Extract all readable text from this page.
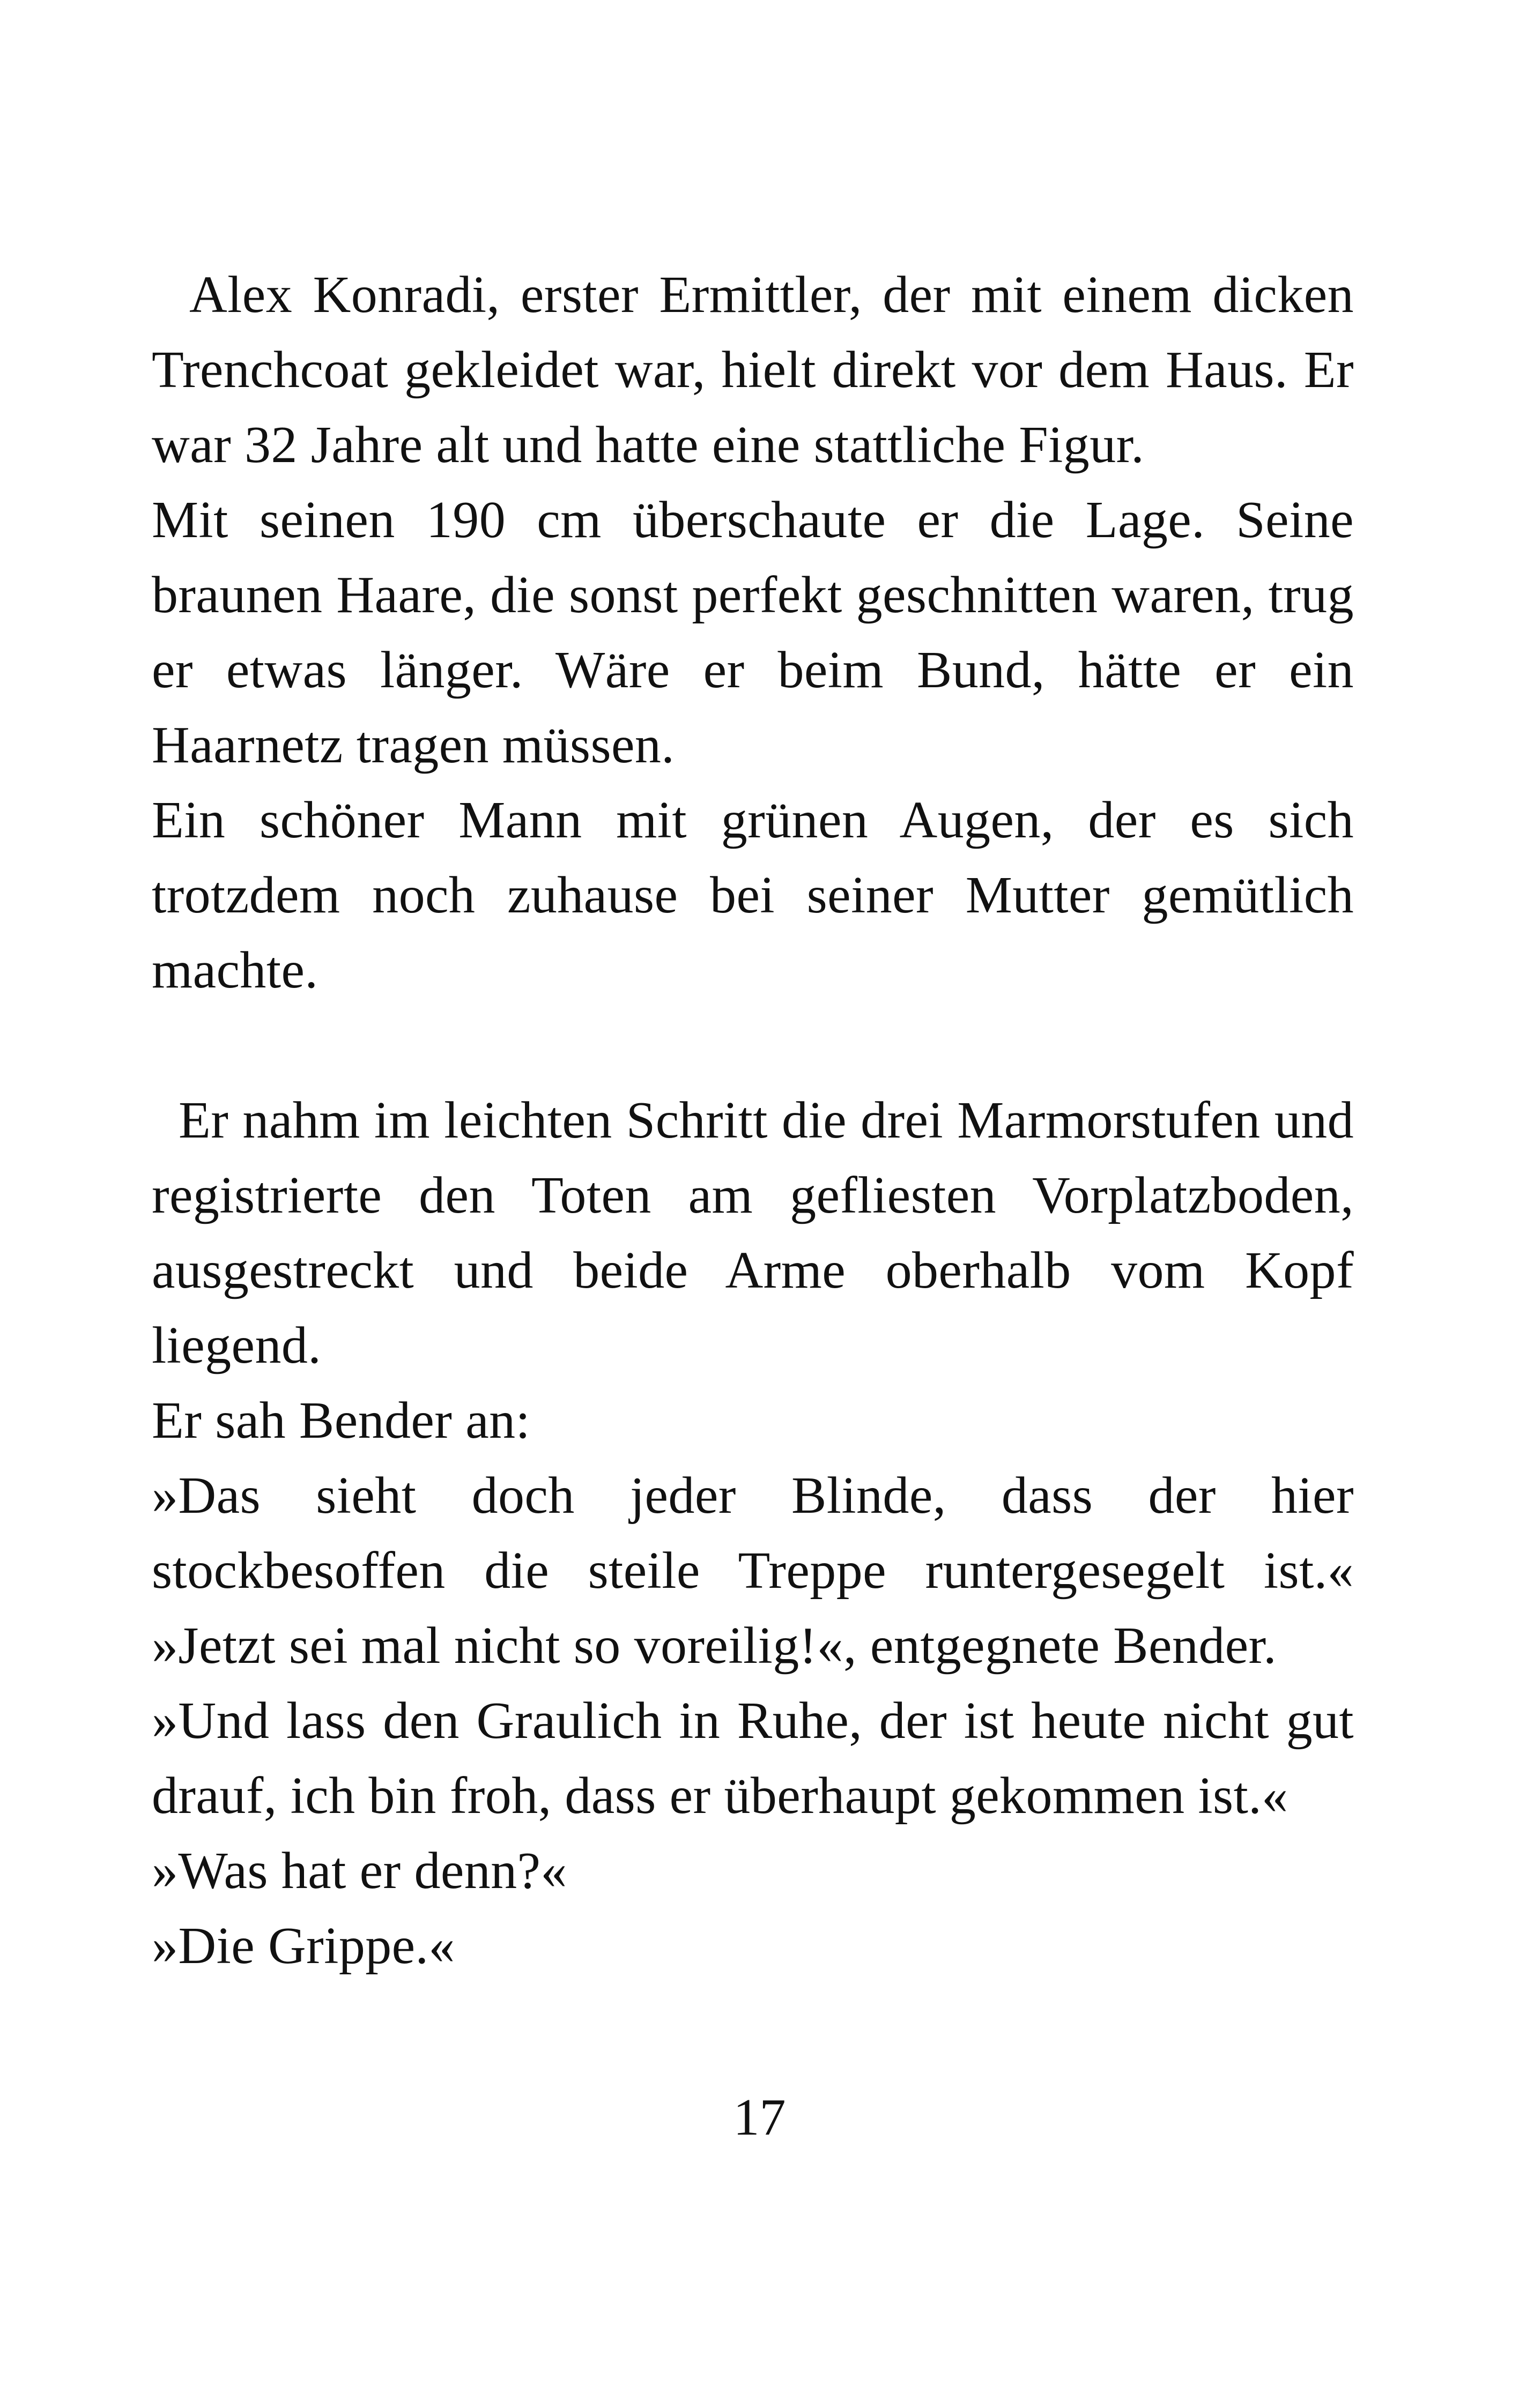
Alex Konradi, erster Ermittler, der mit einem dicken
Trenchcoat gekleidet war, hielt direkt vor dem Haus. Er
war 32 Jahre alt und hatte eine stattliche Figur.
Mit seinen 190 cm überschaute er die Lage. Seine
braunen Haare, die sonst perfekt geschnitten waren, trug
er etwas länger. Wäre er beim Bund, hätte er ein
Haarnetz tragen müssen.
Ein schöner Mann mit grünen Augen, der es sich
trotzdem noch zuhause bei seiner Mutter gemütlich
machte.
Er nahm im leichten Schritt die drei Marmorstufen und
registrierte den Toten am gefliesten Vorplatzboden,
ausgestreckt und beide Arme oberhalb vom Kopf
liegend.
Er sah Bender an:
»Das sieht doch jeder Blinde, dass der hier
stockbesoffen die steile Treppe runtergesegelt ist.«
»Jetzt sei mal nicht so voreilig!«, entgegnete Bender.
»Und lass den Graulich in Ruhe, der ist heute nicht gut
drauf, ich bin froh, dass er überhaupt gekommen ist.«
»Was hat er denn?«
»Die Grippe.«
17
